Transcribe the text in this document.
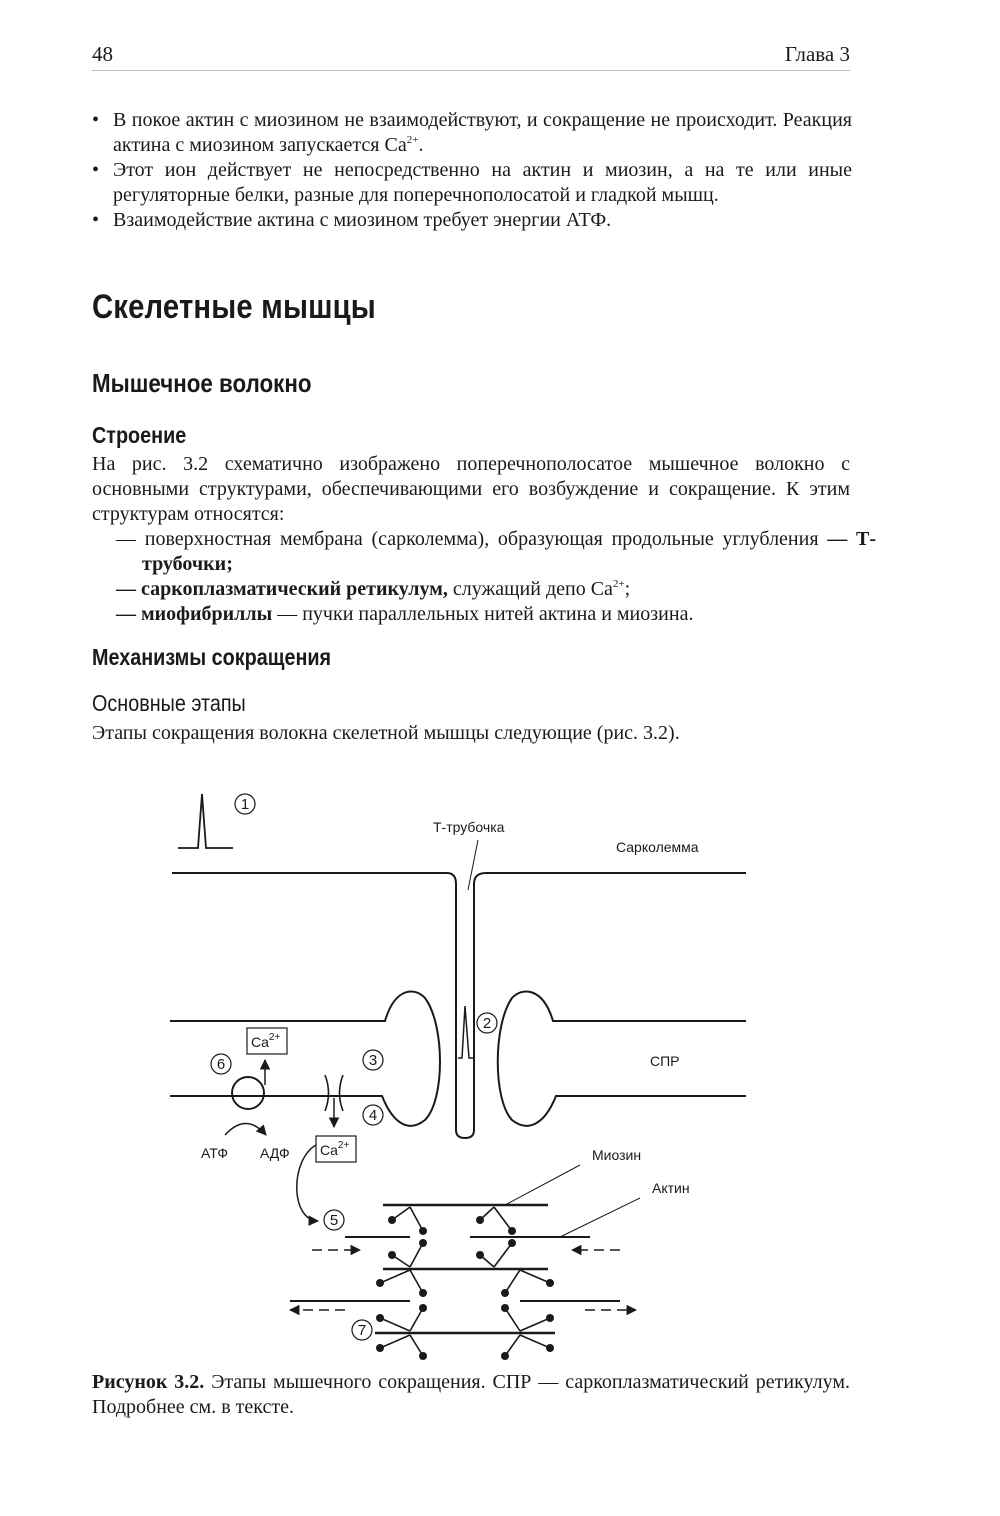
48	Глава 3
• В покое актин с миозином не взаимодействуют, и сокращение не происходит. Реакция актина с миозином запускается $Ca^{2+}$.
• Этот ион действует не непосредственно на актин и миозин, а на те или иные регуляторные белки, разные для поперечнополосатой и гладкой мышц.
• Взаимодействие актина с миозином требует энергии АТФ.
Скелетные мышцы
Мышечное волокно
Строение
На рис. 3.2 схематично изображено поперечнополосатое мышечное волокно с основными структурами, обеспечивающими его возбуждение и сокращение. К этим структурам относятся:
— поверхностная мембрана (сарколемма), образующая продольные углубления — Т-трубочки;
— саркоплазматический ретикулум, служащий депо $Ca^{2+}$;
— миофибриллы — пучки параллельных нитей актина и миозина.
Механизмы сокращения
Основные этапы
Этапы сокращения волокна скелетной мышцы следующие (рис. 3.2).
Т-трубочка
Сарколемма
СПР
Миозин
Актин
АТФ АДФ
$Ca^{2+}$
$Ca^{2+}$
1
2
3
4
5
6
7
Рисунок 3.2. Этапы мышечного сокращения. СПР — саркоплазматический ретикулум. Подробнее см. в тексте.
